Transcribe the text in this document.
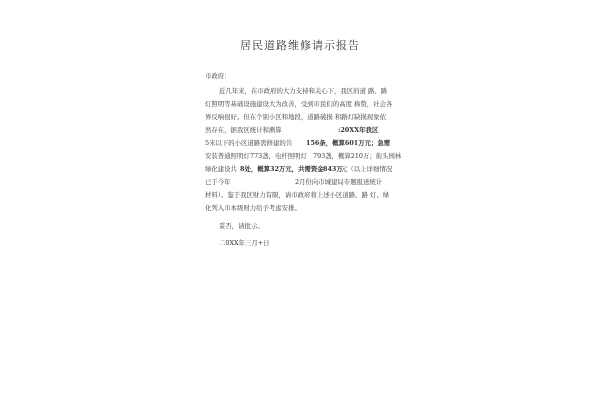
居民道路维修请示报告
市政府：
近几年来，在市政府的大力支持和关心下，我区的道 路、路
灯照明等基础设施建设大为改善，受到市民们的高度 称赞，社会各
界反响很好。但在个别小区和地段，道路破损 和路灯缺损现象依
然存在，据我区统计和测算	:20XX年我区
5米以下的小区道路需修建的共 156条，概算601万元；急需
安装普通照明灯 773盏，电杆照明灯 793盏，概算210万；街头园林
绿化建设共 8处，概算32万元，共需资金 843万
元（以上详细情况
已于今年	2月份向市城建局专题报送统计
材料）。鉴于我区财力有限，请市政府将上述小区道路、路 灯、绿
化列入市本级财力给予考虑安排。
妥否，请批示。
二0XX年三月+日
